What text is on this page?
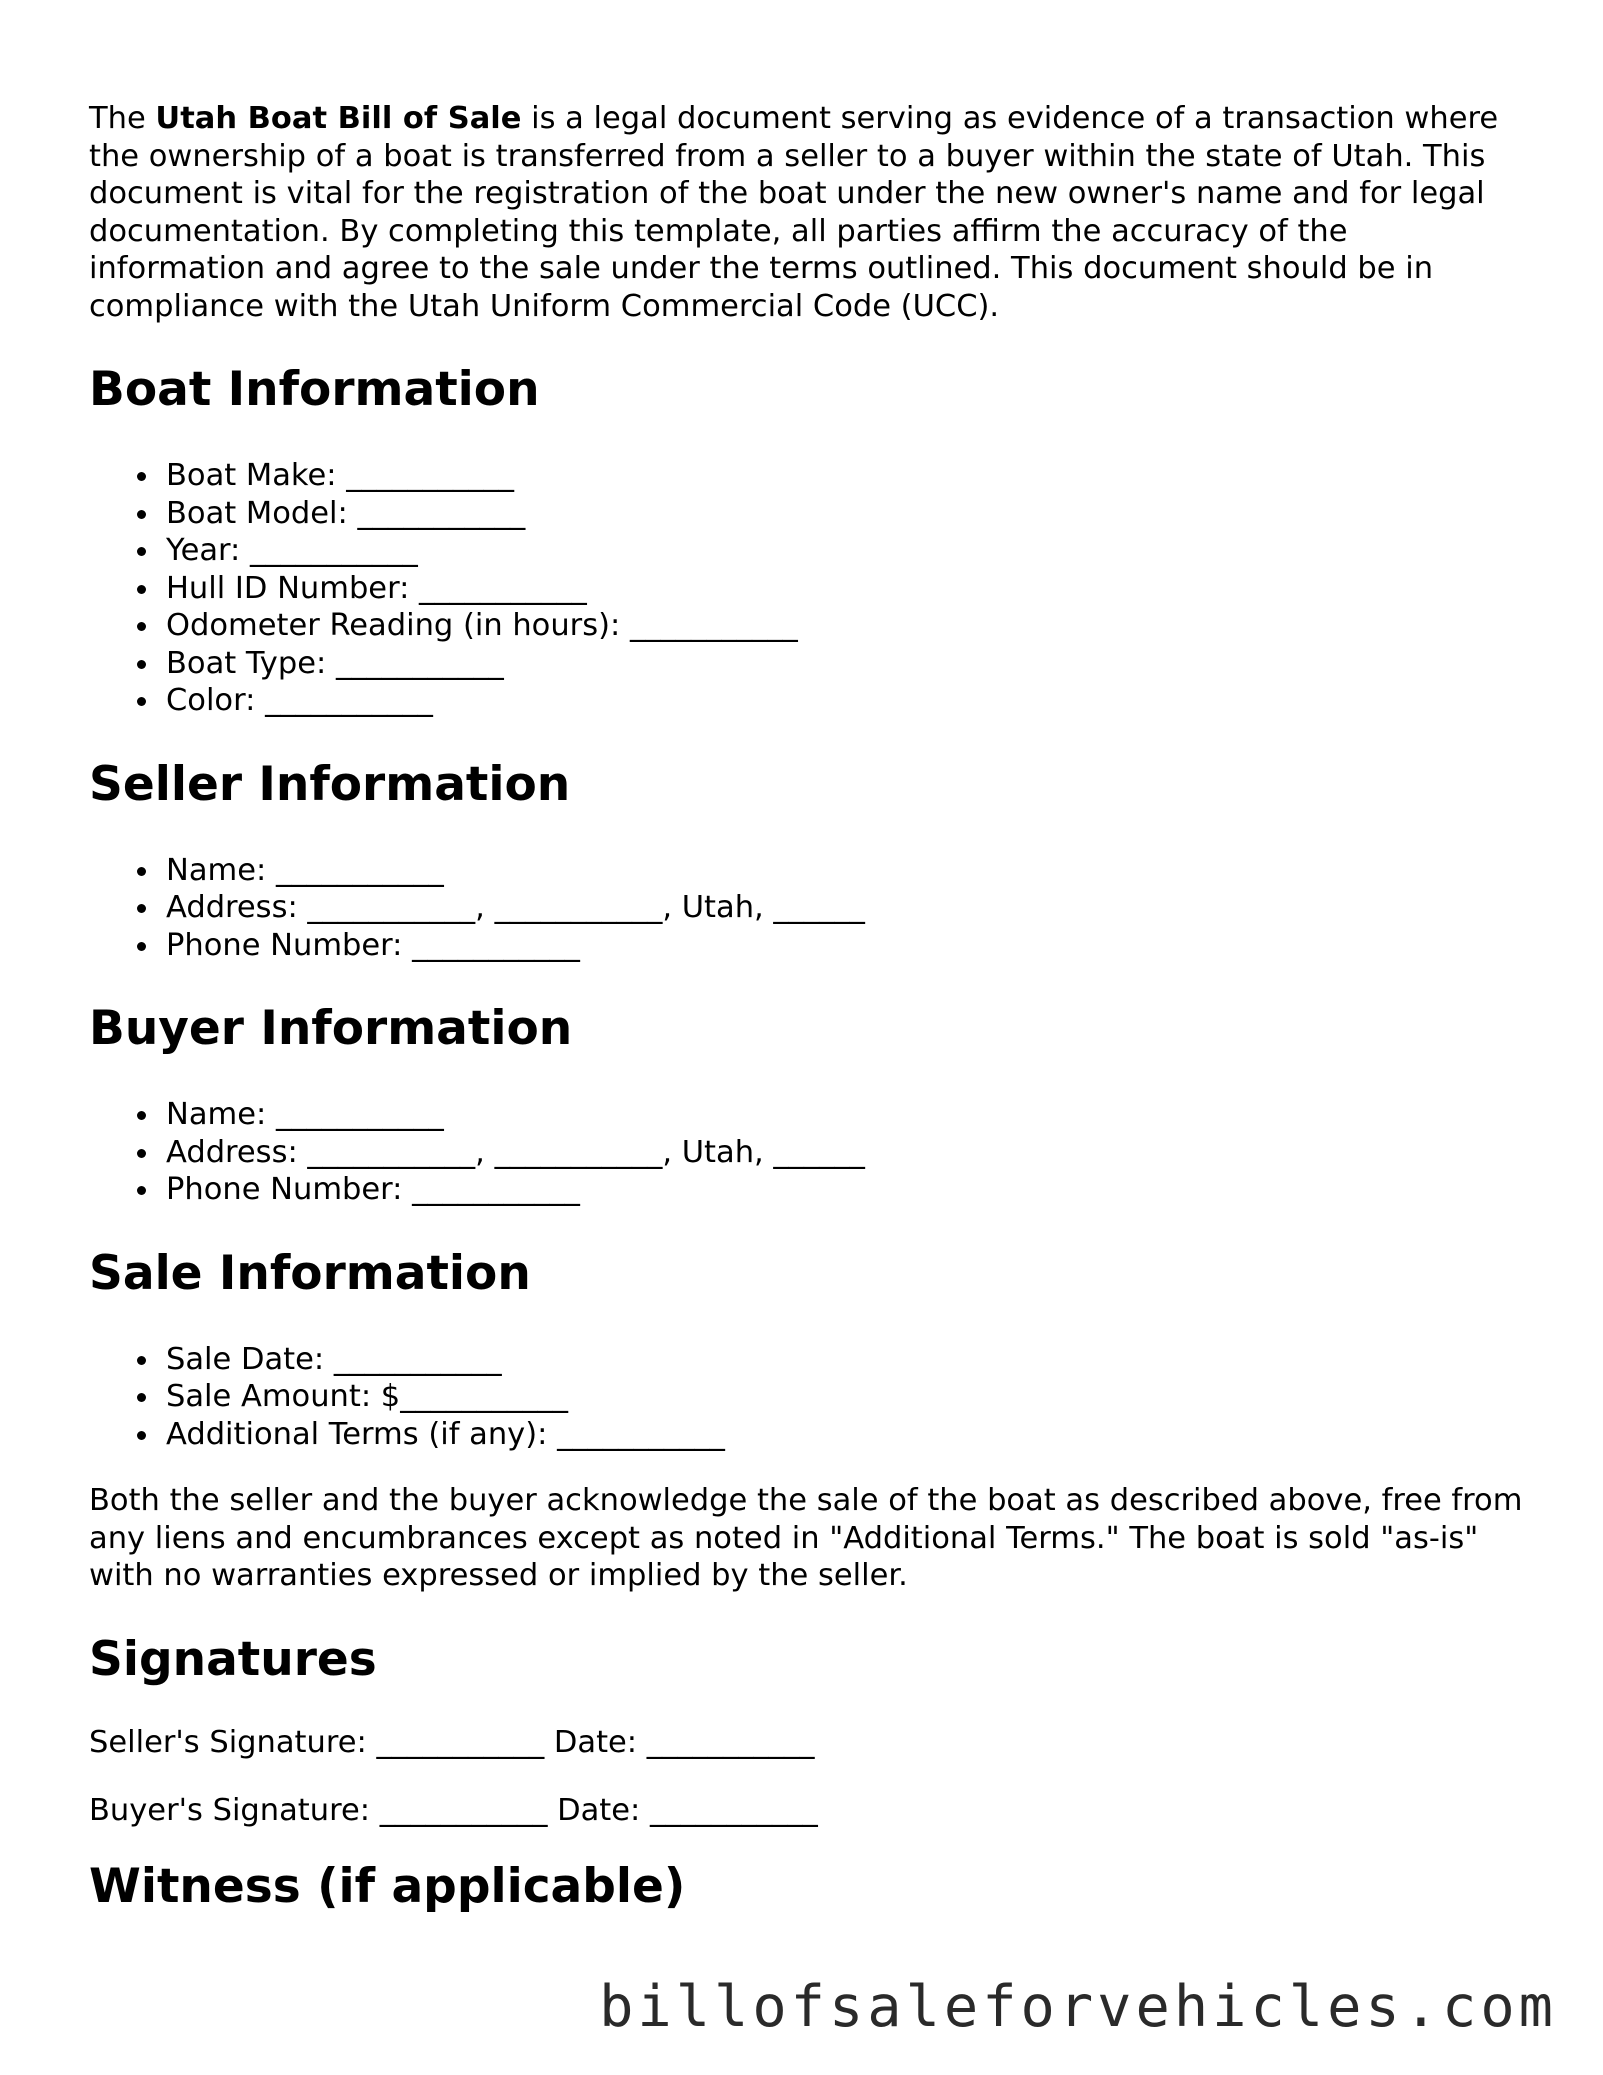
The Utah Boat Bill of Sale is a legal document serving as evidence of a transaction where the ownership of a boat is transferred from a seller to a buyer within the state of Utah. This document is vital for the registration of the boat under the new owner's name and for legal documentation. By completing this template, all parties affirm the accuracy of the information and agree to the sale under the terms outlined. This document should be in compliance with the Utah Uniform Commercial Code (UCC).

Boat Information
Boat Make: ___________
Boat Model: ___________
Year: ___________
Hull ID Number: ___________
Odometer Reading (in hours): ___________
Boat Type: ___________
Color: ___________
Seller Information
Name: ___________
Address: ___________, ___________, Utah, ______
Phone Number: ___________
Buyer Information
Name: ___________
Address: ___________, ___________, Utah, ______
Phone Number: ___________
Sale Information
Sale Date: ___________
Sale Amount: $___________
Additional Terms (if any): ___________

Both the seller and the buyer acknowledge the sale of the boat as described above, free from any liens and encumbrances except as noted in "Additional Terms." The boat is sold "as-is" with no warranties expressed or implied by the seller.

Signatures

Seller's Signature: ___________ Date: ___________

Buyer's Signature: ___________ Date: ___________

Witness (if applicable)
billofsaleforvehicles.com
